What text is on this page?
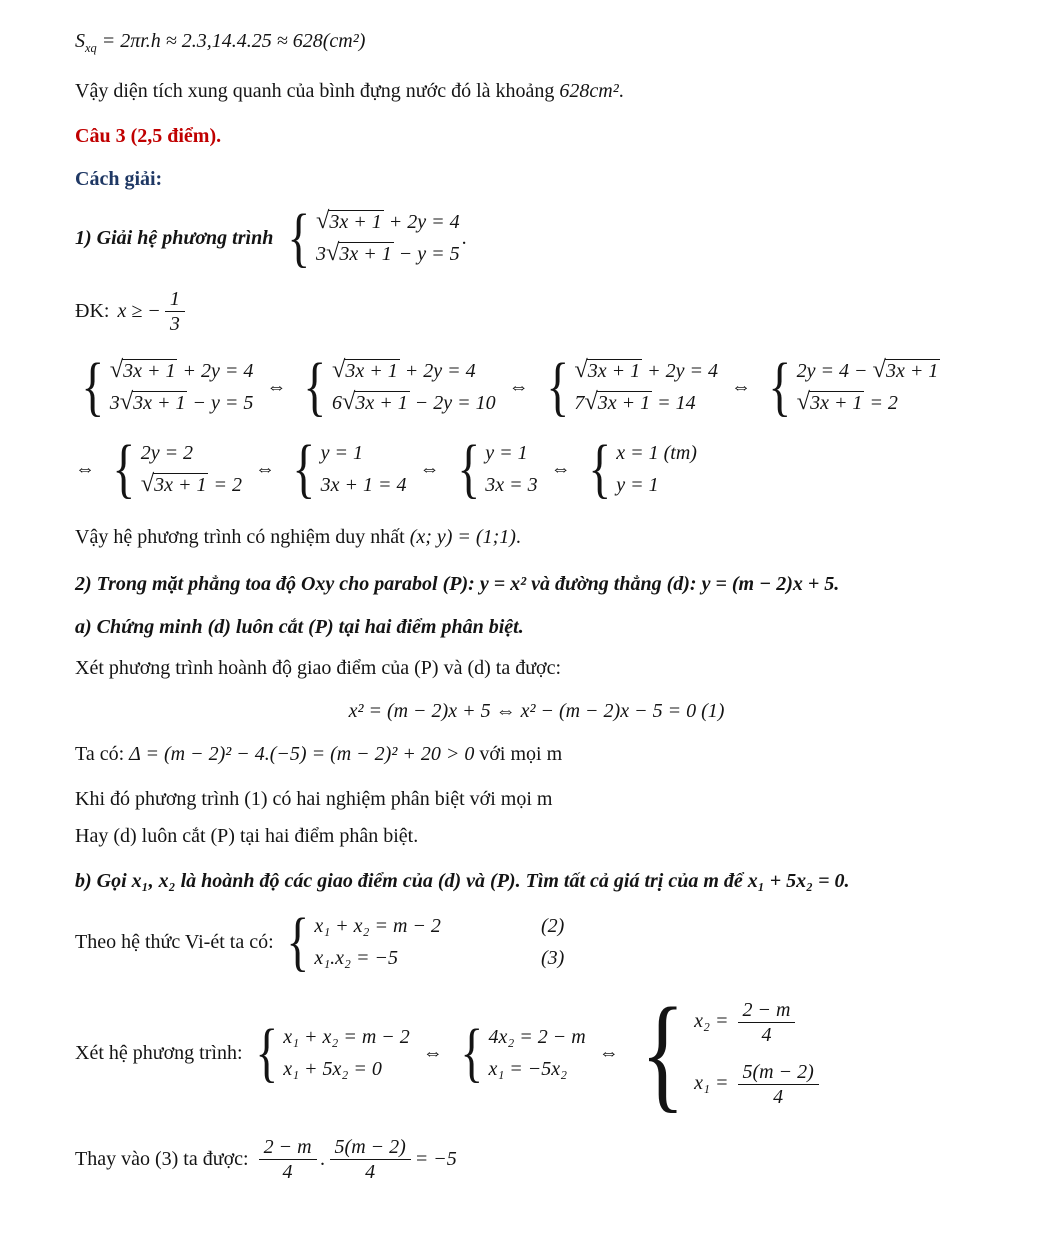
$S_{xq} = 2\pi r.h \approx 2.3,14.4.25 \approx 628(cm^2)$

Vậy diện tích xung quanh của bình đựng nước đó là khoảng 628cm².

Câu 3 (2,5 điểm).

Cách giải:

1) Giải hệ phương trình { √3x + 1 + 2y = 4
3√3x + 1 − y = 5
.

ĐK: x ≥ − $\frac{1}{3}$

{ √3x + 1 + 2y = 4
3√3x + 1 − y = 5
⇔ { √3x + 1 + 2y = 4
6√3x + 1 − 2y = 10
⇔ { √3x + 1 + 2y = 4
7√3x + 1 = 14
⇔ { 2y = 4 − √3x + 1
√3x + 1 = 2

⇔ { 2y = 2
√3x + 1 = 2
⇔ { y = 1
3x + 1 = 4
⇔ { y = 1
3x = 3
⇔ { x = 1 (tm)
y = 1

Vậy hệ phương trình có nghiệm duy nhất (x; y) = (1;1).

2) Trong mặt phẳng toa độ Oxy cho parabol (P): y = x² và đường thẳng (d): y = (m − 2)x + 5.

a) Chứng minh (d) luôn cắt (P) tại hai điểm phân biệt.

Xét phương trình hoành độ giao điểm của (P) và (d) ta được:

x² = (m − 2)x + 5 ⇔ x² − (m − 2)x − 5 = 0 (1)

Ta có: Δ = (m − 2)² − 4.(−5) = (m − 2)² + 20 > 0 với mọi m

Khi đó phương trình (1) có hai nghiệm phân biệt với mọi m

Hay (d) luôn cắt (P) tại hai điểm phân biệt.

b) Gọi x₁, x₂ là hoành độ các giao điểm của (d) và (P). Tìm tất cả giá trị của m để x₁ + 5x₂ = 0.

Theo hệ thức Vi-ét ta có: { x₁ + x₂ = m − 2	(2)
x₁.x₂ = −5	(3)

Xét hệ phương trình: { x₁ + x₂ = m − 2
x₁ + 5x₂ = 0
⇔ { 4x₂ = 2 − m
x₁ = −5x₂
⇔ { $x_2 = \frac{2 - m}{4}$
$x_1 = \frac{5(m - 2)}{4}$

Thay vào (3) ta được: $\frac{2 - m}{4}$ . $\frac{5(m - 2)}{4} = -5$
